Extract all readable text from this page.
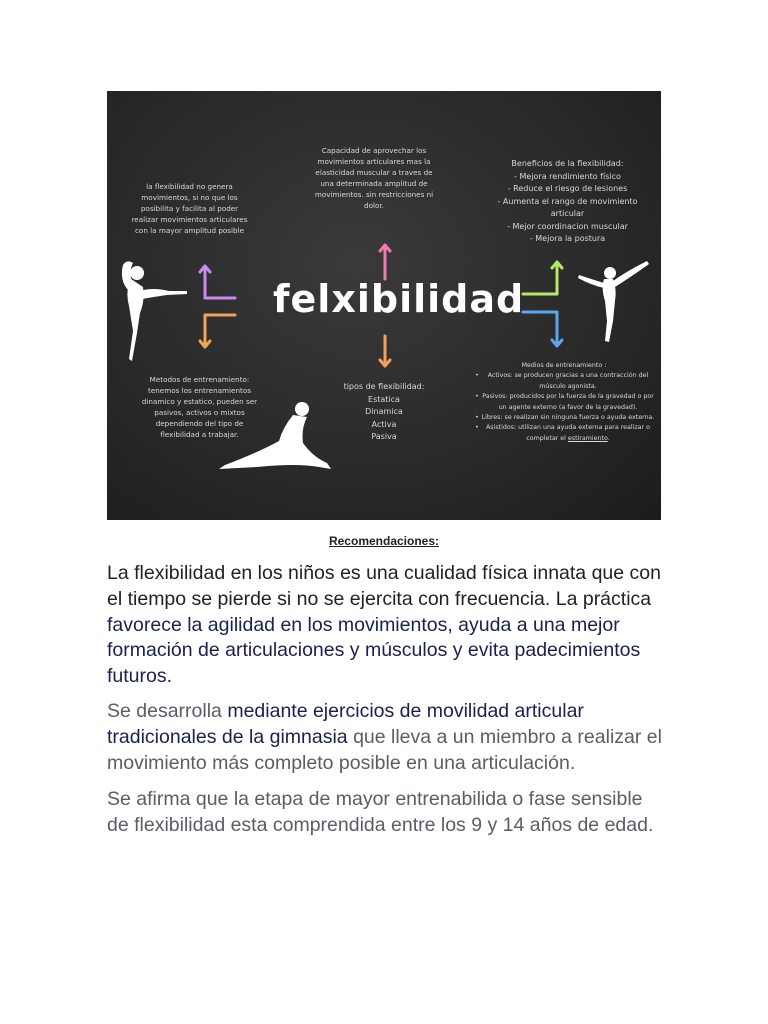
felxibilidad
Capacidad de aprovechar los movimientos articulares mas la elasticidad muscular a traves de una determinada amplitud de movimientos. sin restricciones ni dolor.
la flexibilidad no genera movimientos, si no que los posibilita y facilita al poder realizar movimientos articulares con la mayor amplitud posible
Beneficios de la flexibilidad:
- Mejora rendimiento físico
- Reduce el riesgo de lesiones
- Aumenta el rango de movimiento articular
- Mejor coordinacion muscular
- Mejora la postura
Metodos de entrenamiento: tenemos los entrenamientos dinamico y estatico, pueden ser pasivos, activos o mixtos dependiendo del tipo de flexibilidad a trabajar.
tipos de flexibilidad:
Estatica
Dinamica
Activa
Pasiva
Medios de entrenamiento :
• Activos: se producen gracias a una contracción del músculo agonista.
• Pasivos: producidos por la fuerza de la gravedad o por un agente externo (a favor de la gravedad).
• Libres: se realizan sin ninguna fuerza o ayuda externa.
• Asistidos: utilizan una ayuda externa para realizar o completar el estiramiento.
Recomendaciones:

La flexibilidad en los niños es una cualidad física innata que con el tiempo se pierde si no se ejercita con frecuencia. La práctica favorece la agilidad en los movimientos, ayuda a una mejor formación de articulaciones y músculos y evita padecimientos futuros.

Se desarrolla mediante ejercicios de movilidad articular tradicionales de la gimnasia que lleva a un miembro a realizar el movimiento más completo posible en una articulación.

Se afirma que la etapa de mayor entrenabilida o fase sensible de flexibilidad esta comprendida entre los 9 y 14 años de edad.
